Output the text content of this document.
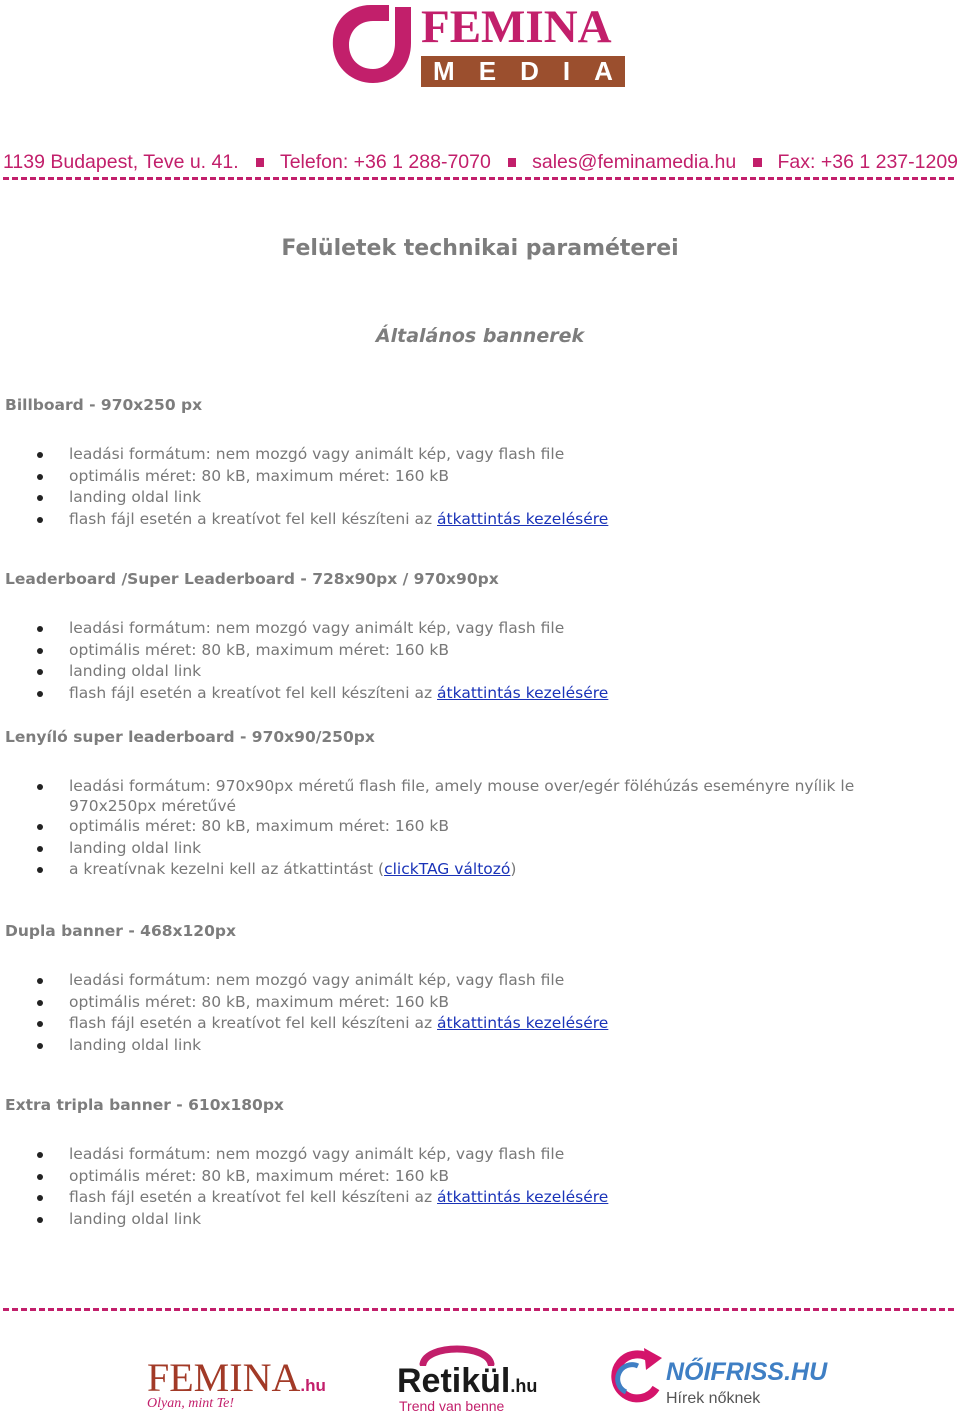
FEMINA
M E D I A
1139 Budapest, Teve u. 41. Telefon: +36 1 288-7070 sales@feminamedia.hu Fax: +36 1 237-1209
Felületek technikai paraméterei
Általános bannerek
Billboard - 970x250 px
leadási formátum: nem mozgó vagy animált kép, vagy flash file
optimális méret: 80 kB, maximum méret: 160 kB
landing oldal link
flash fájl esetén a kreatívot fel kell készíteni az átkattintás kezelésére
Leaderboard /Super Leaderboard - 728x90px / 970x90px
leadási formátum: nem mozgó vagy animált kép, vagy flash file
optimális méret: 80 kB, maximum méret: 160 kB
landing oldal link
flash fájl esetén a kreatívot fel kell készíteni az átkattintás kezelésére
Lenyíló super leaderboard - 970x90/250px
leadási formátum: 970x90px méretű flash file, amely mouse over/egér föléhúzás eseményre nyílik le 970x250px méretűvé
optimális méret: 80 kB, maximum méret: 160 kB
landing oldal link
a kreatívnak kezelni kell az átkattintást (clickTAG változó)
Dupla banner - 468x120px
leadási formátum: nem mozgó vagy animált kép, vagy flash file
optimális méret: 80 kB, maximum méret: 160 kB
flash fájl esetén a kreatívot fel kell készíteni az átkattintás kezelésére
landing oldal link
Extra tripla banner - 610x180px
leadási formátum: nem mozgó vagy animált kép, vagy flash file
optimális méret: 80 kB, maximum méret: 160 kB
flash fájl esetén a kreatívot fel kell készíteni az átkattintás kezelésére
landing oldal link
FEMINA.hu
Olyan, mint Te!
Retikül.hu
Trend van benne
NŐIFRISS.HU
Hírek nőknek
